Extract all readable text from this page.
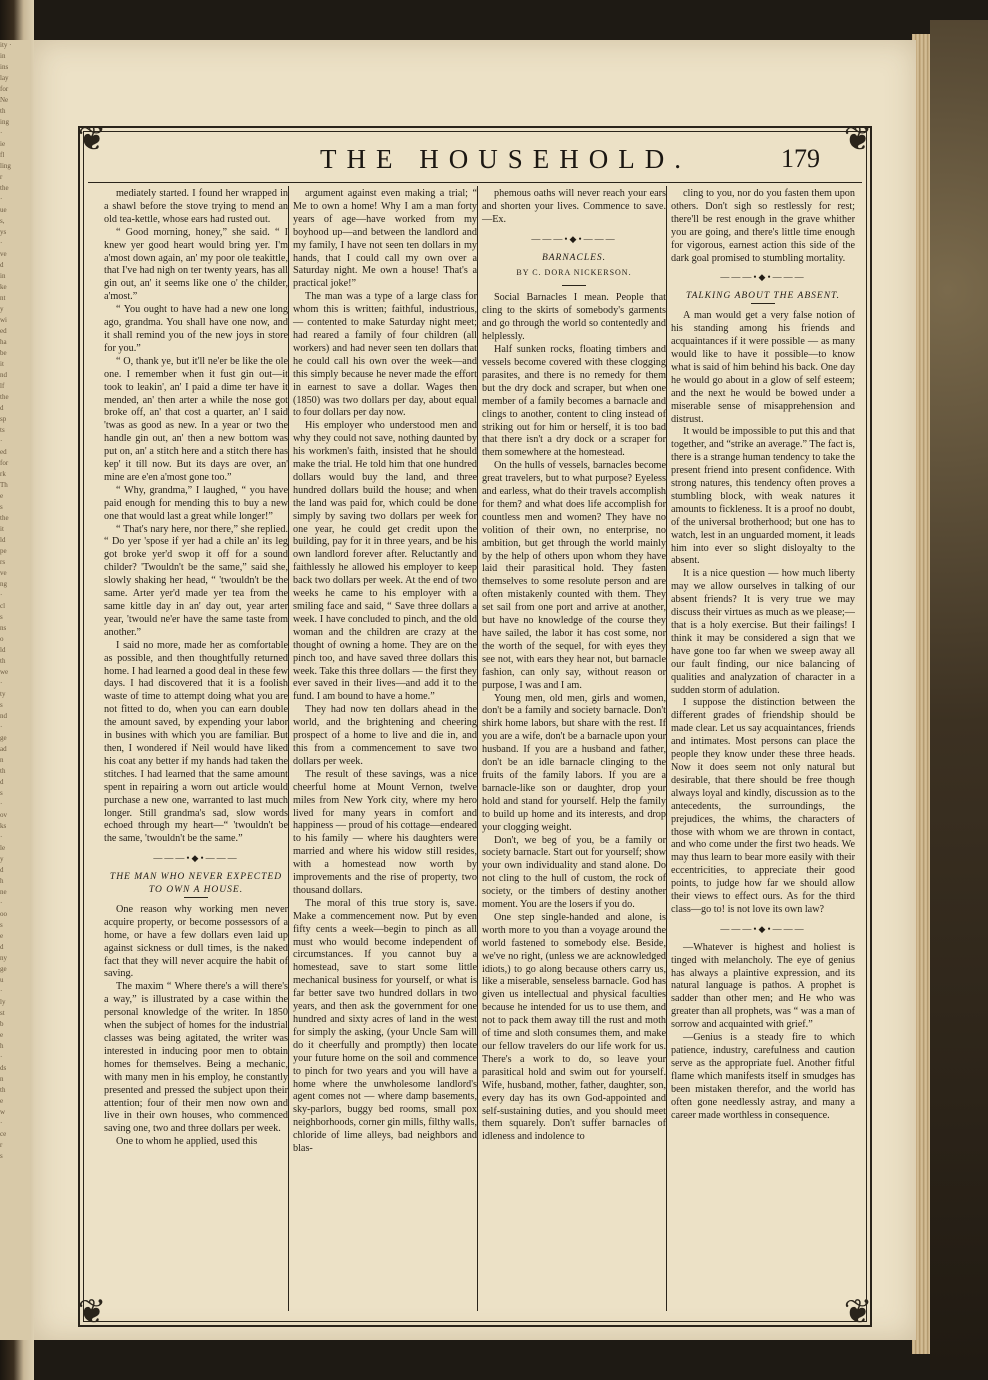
ity ·
in
ins
lay
for
Ne
th
ing
·
ie
fl
ling
r
the
·
ue
s,
ys
·
ve
d
in
ke
nt
y
wi
ed
ha
be
it
nd
lf
the
d
sp
ts
·
ed
for
rk
Th
e
s
the
it
ld
pe
rs
ve
ng
·
cl
s
ns
o
ld
th
we
·
ty
s
nd
·
ge
ad
n
th
d
s
·
ov
ks
·
le
y
d
h
ne
·
oo
s
e
d
ny
ge
u
·
ly
st
b
e
h
·
ds
n
th
e
w
·
ce
r
s
❦	❦
❦	❦
THE HOUSEHOLD.	179

mediately started. I found her wrapped in a shawl before the stove trying to mend an old tea-kettle, whose ears had rusted out.

“ Good morning, honey,” she said. “ I knew yer good heart would bring yer. I'm a'most down again, an' my poor ole teakittle, that I've had nigh on ter twenty years, has all gin out, an' it seems like one o' the childer, a'most.”

“ You ought to have had a new one long ago, grandma. You shall have one now, and it shall remind you of the new joys in store for you.”

“ O, thank ye, but it'll ne'er be like the ole one. I remember when it fust gin out—it took to leakin', an' I paid a dime ter have it mended, an' then arter a while the nose got broke off, an' that cost a quarter, an' I said 'twas as good as new. In a year or two the handle gin out, an' then a new bottom was put on, an' a stitch here and a stitch there has kep' it till now. But its days are over, an' mine are e'en a'most gone too.”

“ Why, grandma,” I laughed, “ you have paid enough for mending this to buy a new one that would last a great while longer!”

“ That's nary here, nor there,” she replied. “ Do yer 'spose if yer had a chile an' its leg got broke yer'd swop it off for a sound childer? 'Twouldn't be the same,” said she, slowly shaking her head, “ 'twouldn't be the same. Arter yer'd made yer tea from the same kittle day in an' day out, year arter year, 'twould ne'er have the same taste from another.”

I said no more, made her as comfortable as possible, and then thoughtfully returned home. I had learned a good deal in these few days. I had discovered that it is a foolish waste of time to attempt doing what you are not fitted to do, when you can earn double the amount saved, by expending your labor in busines with which you are familiar. But then, I wondered if Neil would have liked his coat any better if my hands had taken the stitches. I had learned that the same amount spent in repairing a worn out article would purchase a new one, warranted to last much longer. Still grandma's sad, slow words echoed through my heart—“ 'twouldn't be the same, 'twouldn't be the same.”

———•◆•———

THE MAN WHO NEVER EXPECTED TO OWN A HOUSE.

One reason why working men never acquire property, or become possessors of a home, or have a few dollars even laid up against sickness or dull times, is the naked fact that they will never acquire the habit of saving.

The maxim “ Where there's a will there's a way,” is illustrated by a case within the personal knowledge of the writer. In 1850 when the subject of homes for the industrial classes was being agitated, the writer was interested in inducing poor men to obtain homes for themselves. Being a mechanic, with many men in his employ, he constantly presented and pressed the subject upon their attention; four of their men now own and live in their own houses, who commenced saving one, two and three dollars per week.

One to whom he applied, used this

argument against even making a trial; “ Me to own a home! Why I am a man forty years of age—have worked from my boyhood up—and between the landlord and my family, I have not seen ten dollars in my hands, that I could call my own over a Saturday night. Me own a house! That's a practical joke!”

The man was a type of a large class for whom this is written; faithful, industrious, — contented to make Saturday night meet; had reared a family of four children (all workers) and had never seen ten dollars that he could call his own over the week—and this simply because he never made the effort in earnest to save a dollar. Wages then (1850) was two dollars per day, about equal to four dollars per day now.

His employer who understood men and why they could not save, nothing daunted by his workmen's faith, insisted that he should make the trial. He told him that one hundred dollars would buy the land, and three hundred dollars build the house; and when the land was paid for, which could be done simply by saving two dollars per week for one year, he could get credit upon the building, pay for it in three years, and be his own landlord forever after. Reluctantly and faithlessly he allowed his employer to keep back two dollars per week. At the end of two weeks he came to his employer with a smiling face and said, “ Save three dollars a week. I have concluded to pinch, and the old woman and the children are crazy at the thought of owning a home. They are on the pinch too, and have saved three dollars this week. Take this three dollars — the first they ever saved in their lives—and add it to the fund. I am bound to have a home.”

They had now ten dollars ahead in the world, and the brightening and cheering prospect of a home to live and die in, and this from a commencement to save two dollars per week.

The result of these savings, was a nice cheerful home at Mount Vernon, twelve miles from New York city, where my hero lived for many years in comfort and happiness — proud of his cottage—endeared to his family — where his daughters were married and where his widow still resides, with a homestead now worth by improvements and the rise of property, two thousand dollars.

The moral of this true story is, save. Make a commencement now. Put by even fifty cents a week—begin to pinch as all must who would become independent of circumstances. If you cannot buy a homestead, save to start some little mechanical business for yourself, or what is far better save two hundred dollars in two years, and then ask the government for one hundred and sixty acres of land in the west for simply the asking, (your Uncle Sam will do it cheerfully and promptly) then locate your future home on the soil and commence to pinch for two years and you will have a home where the unwholesome landlord's agent comes not — where damp basements, sky-parlors, buggy bed rooms, small pox neighborhoods, corner gin mills, filthy walls, chloride of lime alleys, bad neighbors and blas-

phemous oaths will never reach your ears and shorten your lives. Commence to save.—Ex.

———•◆•———

BARNACLES.

BY C. DORA NICKERSON.

Social Barnacles I mean. People that cling to the skirts of somebody's garments and go through the world so contentedly and helplessly.

Half sunken rocks, floating timbers and vessels become covered with these clogging parasites, and there is no remedy for them but the dry dock and scraper, but when one member of a family becomes a barnacle and clings to another, content to cling instead of striking out for him or herself, it is too bad that there isn't a dry dock or a scraper for them somewhere at the homestead.

On the hulls of vessels, barnacles become great travelers, but to what purpose? Eyeless and earless, what do their travels accomplish for them? and what does life accomplish for countless men and women? They have no volition of their own, no enterprise, no ambition, but get through the world mainly by the help of others upon whom they have laid their parasitical hold. They fasten themselves to some resolute person and are often mistakenly counted with them. They set sail from one port and arrive at another, but have no knowledge of the course they have sailed, the labor it has cost some, nor the worth of the sequel, for with eyes they see not, with ears they hear not, but barnacle fashion, can only say, without reason or purpose, I was and I am.

Young men, old men, girls and women, don't be a family and society barnacle. Don't shirk home labors, but share with the rest. If you are a wife, don't be a barnacle upon your husband. If you are a husband and father, don't be an idle barnacle clinging to the fruits of the family labors. If you are a barnacle-like son or daughter, drop your hold and stand for yourself. Help the family to build up home and its interests, and drop your clogging weight.

Don't, we beg of you, be a family or society barnacle. Start out for yourself; show your own individuality and stand alone. Do not cling to the hull of custom, the rock of society, or the timbers of destiny another moment. You are the losers if you do.

One step single-handed and alone, is worth more to you than a voyage around the world fastened to somebody else. Beside, we've no right, (unless we are acknowledged idiots,) to go along because others carry us, like a miserable, senseless barnacle. God has given us intellectual and physical faculties because he intended for us to use them, and not to pack them away till the rust and moth of time and sloth consumes them, and make our fellow travelers do our life work for us. There's a work to do, so leave your parasitical hold and swim out for yourself. Wife, husband, mother, father, daughter, son, every day has its own God-appointed and self-sustaining duties, and you should meet them squarely. Don't suffer barnacles of idleness and indolence to

cling to you, nor do you fasten them upon others. Don't sigh so restlessly for rest; there'll be rest enough in the grave whither you are going, and there's little time enough for vigorous, earnest action this side of the dark goal promised to stumbling mortality.

———•◆•———

TALKING ABOUT THE ABSENT.

A man would get a very false notion of his standing among his friends and acquaintances if it were possible — as many would like to have it possible—to know what is said of him behind his back. One day he would go about in a glow of self esteem; and the next he would be bowed under a miserable sense of misapprehension and distrust.

It would be impossible to put this and that together, and “strike an average.” The fact is, there is a strange human tendency to take the present friend into present confidence. With strong natures, this tendency often proves a stumbling block, with weak natures it amounts to fickleness. It is a proof no doubt, of the universal brotherhood; but one has to watch, lest in an unguarded moment, it leads him into ever so slight disloyalty to the absent.

It is a nice question — how much liberty may we allow ourselves in talking of our absent friends? It is very true we may discuss their virtues as much as we please;—that is a holy exercise. But their failings! I think it may be considered a sign that we have gone too far when we sweep away all our fault finding, our nice balancing of qualities and analyzation of character in a sudden storm of adulation.

I suppose the distinction between the different grades of friendship should be made clear. Let us say acquaintances, friends and intimates. Most persons can place the people they know under these three heads. Now it does seem not only natural but desirable, that there should be free though always loyal and kindly, discussion as to the antecedents, the surroundings, the prejudices, the whims, the characters of those with whom we are thrown in contact, and who come under the first two heads. We may thus learn to bear more easily with their eccentricities, to appreciate their good points, to judge how far we should allow their views to effect ours. As for the third class—go to! is not love its own law?

———•◆•———

—Whatever is highest and holiest is tinged with melancholy. The eye of genius has always a plaintive expression, and its natural language is pathos. A prophet is sadder than other men; and He who was greater than all prophets, was “ was a man of sorrow and acquainted with grief.”

—Genius is a steady fire to which patience, industry, carefulness and caution serve as the appropriate fuel. Another fitful flame which manifests itself in smudges has been mistaken therefor, and the world has often gone needlessly astray, and many a career made worthless in consequence.
